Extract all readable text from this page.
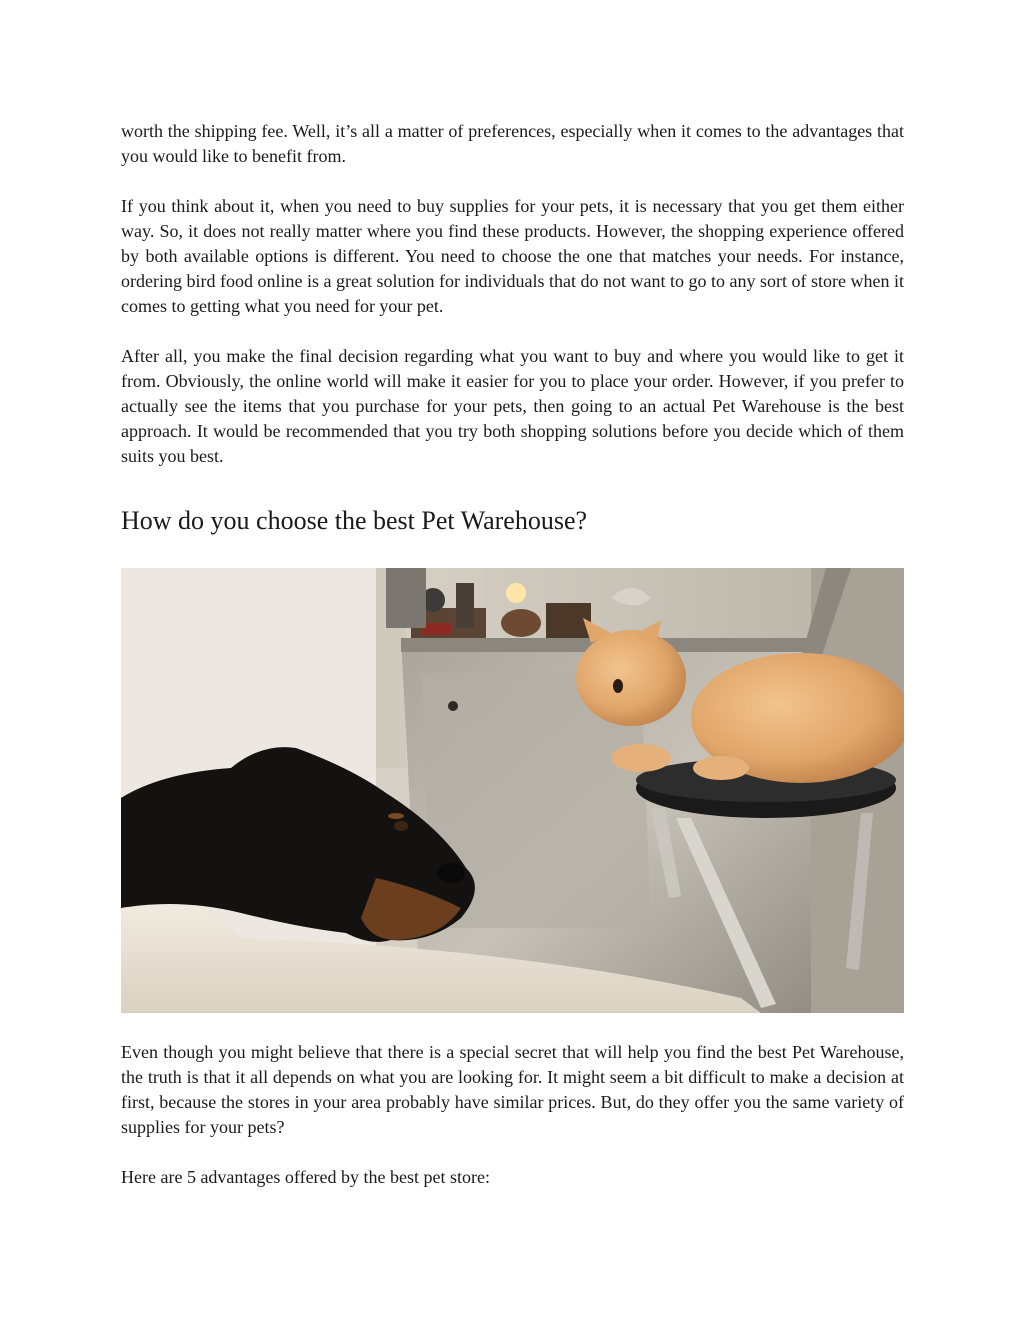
worth the shipping fee. Well, it’s all a matter of preferences, especially when it comes to the advantages that you would like to benefit from.

If you think about it, when you need to buy supplies for your pets, it is necessary that you get them either way. So, it does not really matter where you find these products. However, the shopping experience offered by both available options is different. You need to choose the one that matches your needs. For instance, ordering bird food online is a great solution for individuals that do not want to go to any sort of store when it comes to getting what you need for your pet.

After all, you make the final decision regarding what you want to buy and where you would like to get it from. Obviously, the online world will make it easier for you to place your order. However, if you prefer to actually see the items that you purchase for your pets, then going to an actual Pet Warehouse is the best approach. It would be recommended that you try both shopping solutions before you decide which of them suits you best.

How do you choose the best Pet Warehouse?

Even though you might believe that there is a special secret that will help you find the best Pet Warehouse, the truth is that it all depends on what you are looking for. It might seem a bit difficult to make a decision at first, because the stores in your area probably have similar prices. But, do they offer you the same variety of supplies for your pets?

Here are 5 advantages offered by the best pet store:
